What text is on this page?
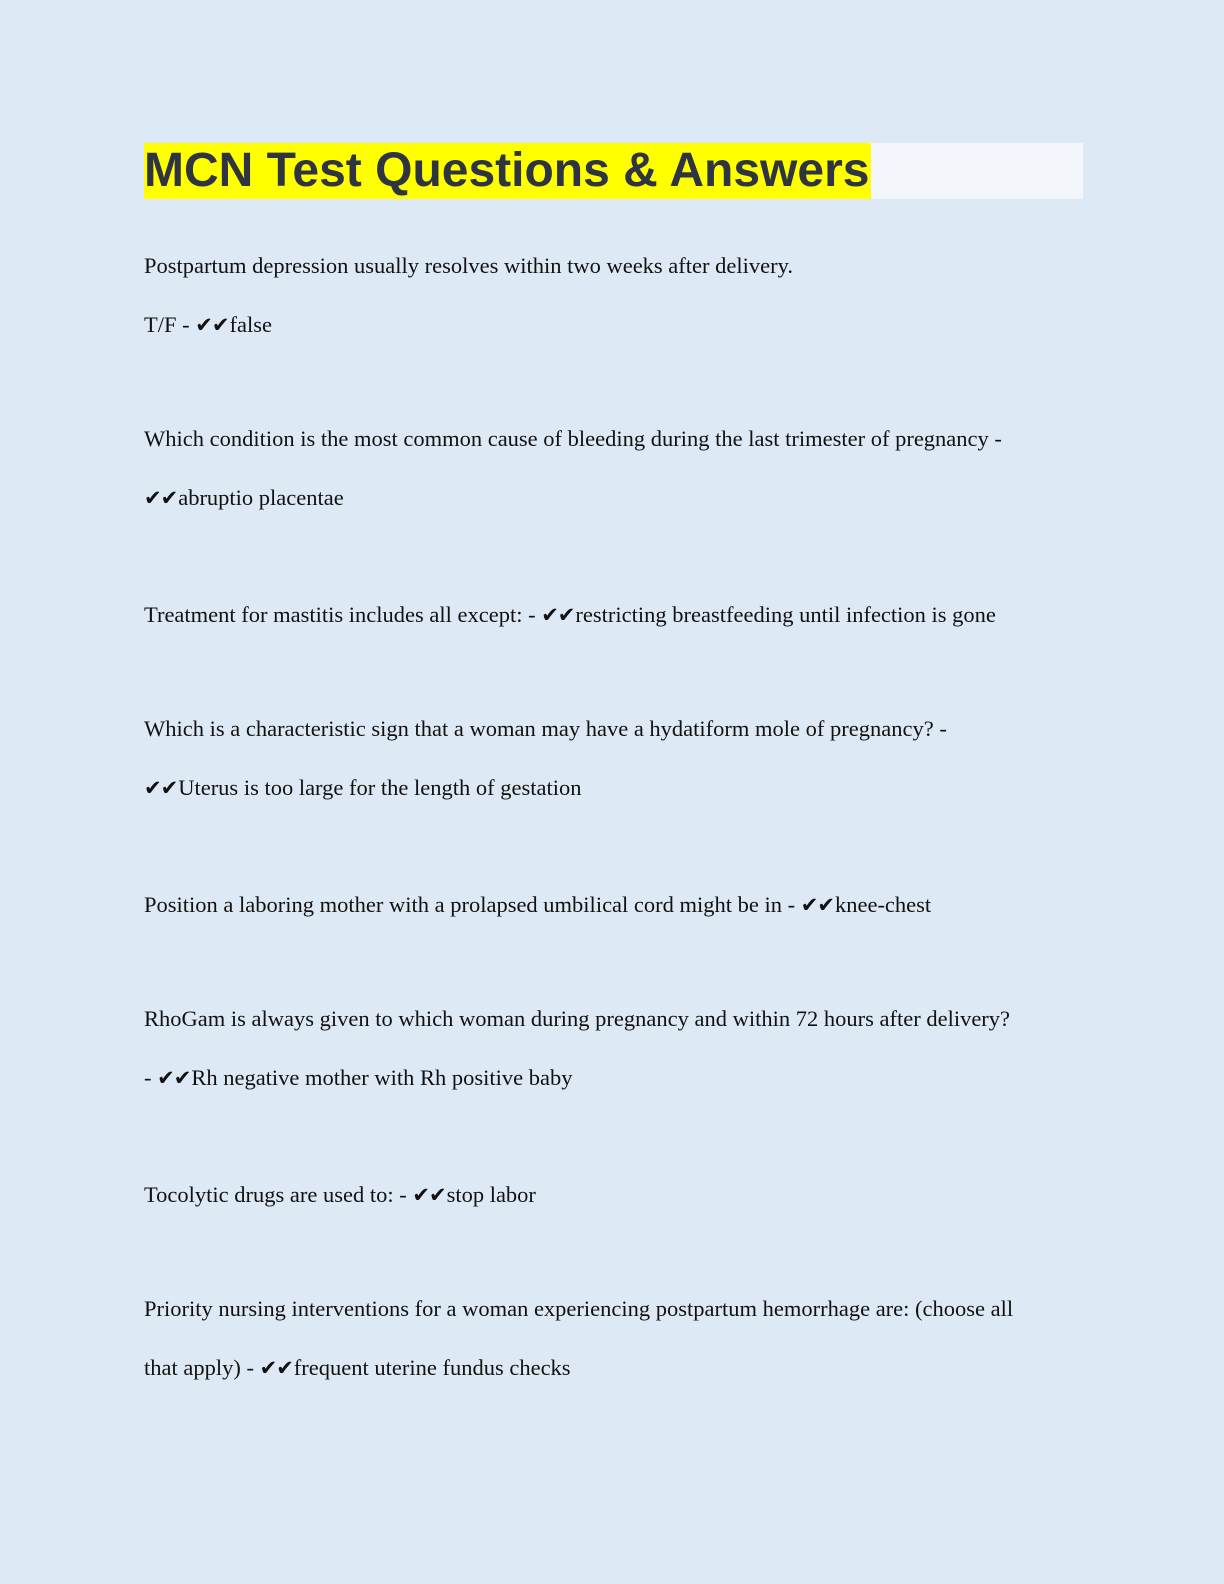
MCN Test Questions & Answers
Postpartum depression usually resolves within two weeks after delivery.
T/F - ✔✔false
Which condition is the most common cause of bleeding during the last trimester of pregnancy -
✔✔abruptio placentae
Treatment for mastitis includes all except: - ✔✔restricting breastfeeding until infection is gone
Which is a characteristic sign that a woman may have a hydatiform mole of pregnancy? -
✔✔Uterus is too large for the length of gestation
Position a laboring mother with a prolapsed umbilical cord might be in - ✔✔knee-chest
RhoGam is always given to which woman during pregnancy and within 72 hours after delivery?
- ✔✔Rh negative mother with Rh positive baby
Tocolytic drugs are used to: - ✔✔stop labor
Priority nursing interventions for a woman experiencing postpartum hemorrhage are: (choose all
that apply) - ✔✔frequent uterine fundus checks
